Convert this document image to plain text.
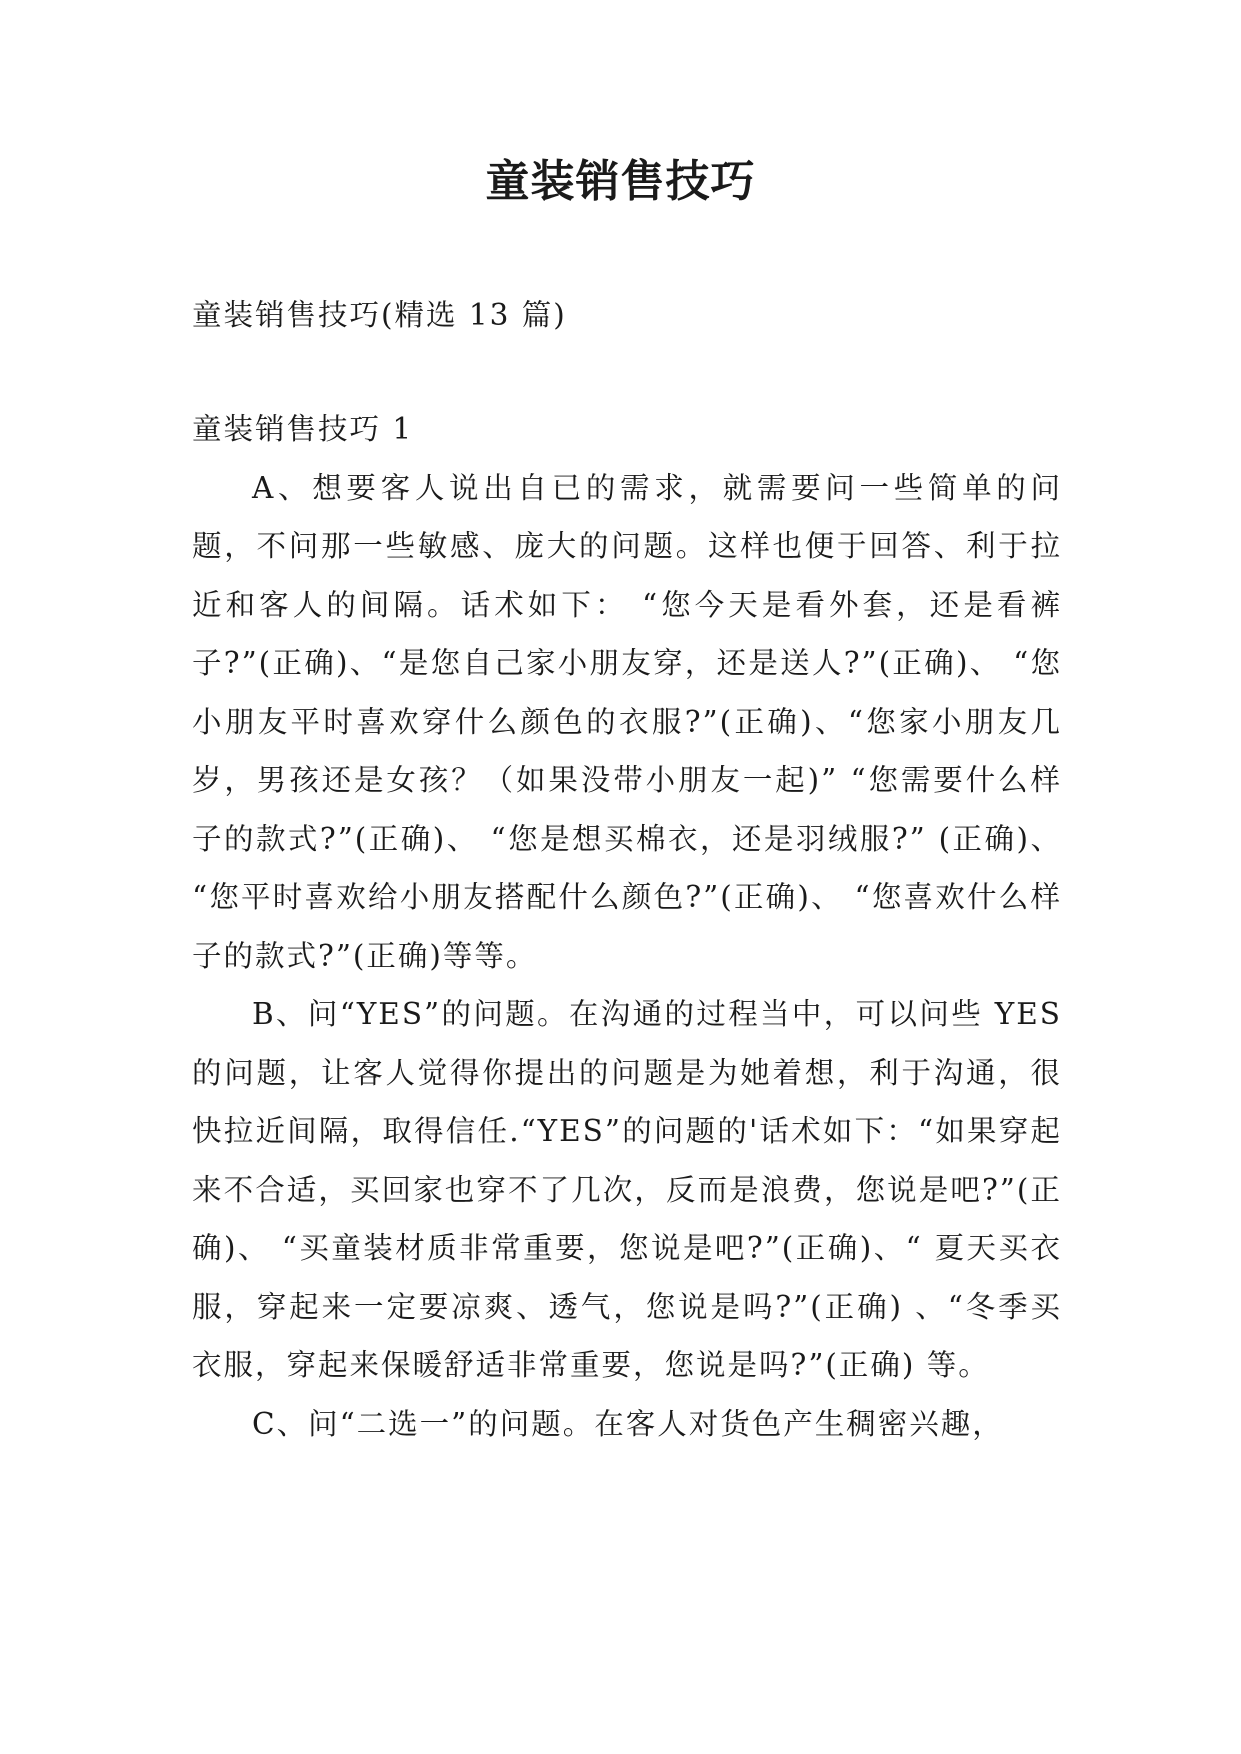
童装销售技巧
童装销售技巧(精选 13 篇)

童装销售技巧 1

A、想要客人说出自已的需求，就需要问一些简单的问题，不问那一些敏感、庞大的问题。这样也便于回答、利于拉近和客人的间隔。话术如下： “您今天是看外套，还是看裤子?”(正确)、“是您自己家小朋友穿，还是送人?”(正确)、 “您小朋友平时喜欢穿什么颜色的衣服?”(正确)、“您家小朋友几岁，男孩还是女孩？（如果没带小朋友一起)” “您需要什么样子的款式?”(正确)、 “您是想买棉衣，还是羽绒服?” (正确)、 “您平时喜欢给小朋友搭配什么颜色?”(正确)、 “您喜欢什么样子的款式?”(正确)等等。

B、问“YES”的问题。在沟通的过程当中，可以问些 YES 的问题，让客人觉得你提出的问题是为她着想，利于沟通，很快拉近间隔，取得信任.“YES”的问题的'话术如下：“如果穿起来不合适，买回家也穿不了几次，反而是浪费，您说是吧?”(正 确)、 “买童装材质非常重要，您说是吧?”(正确)、“ 夏天买衣服，穿起来一定要凉爽、透气，您说是吗?”(正确) 、“冬季买衣服，穿起来保暖舒适非常重要，您说是吗?”(正确) 等。

C、问“二选一”的问题。在客人对货色产生稠密兴趣，
